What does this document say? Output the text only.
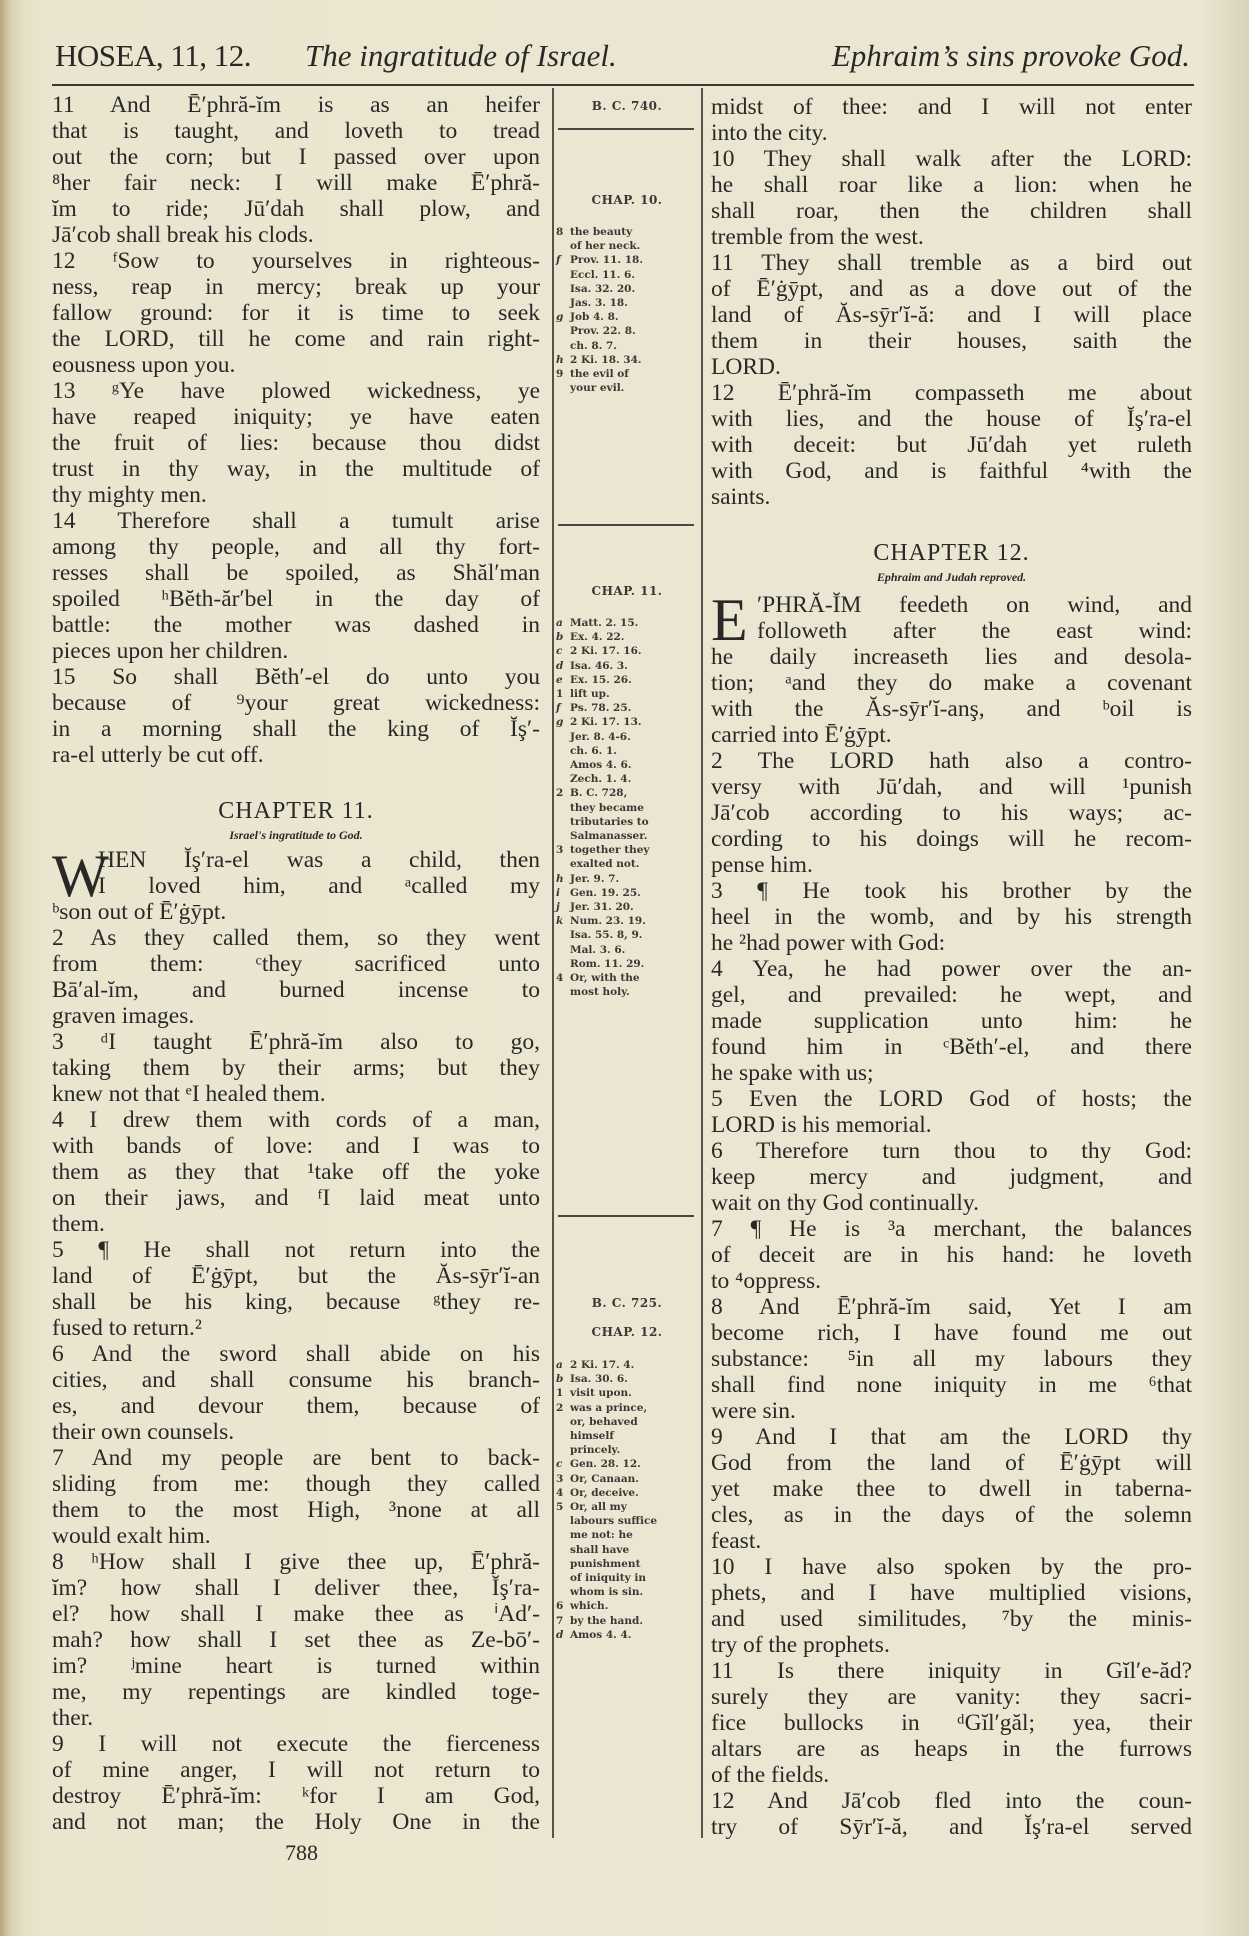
HOSEA, 11, 12. The ingratitude of Israel.	Ephraim’s sins provoke God.
11 And Ē′phră-ĭm is as an heifer
that is taught, and loveth to tread
out the corn; but I passed over upon
⁸her fair neck: I will make Ē′phră-
ĭm to ride; Jū′dah shall plow, and
Jā′cob shall break his clods.
12 ᶠSow to yourselves in righteous-
ness, reap in mercy; break up your
fallow ground: for it is time to seek
the LORD, till he come and rain right-
eousness upon you.
13 ᵍYe have plowed wickedness, ye
have reaped iniquity; ye have eaten
the fruit of lies: because thou didst
trust in thy way, in the multitude of
thy mighty men.
14 Therefore shall a tumult arise
among thy people, and all thy fort-
resses shall be spoiled, as Shăl′man
spoiled ʰBĕth-ăr′bel in the day of
battle: the mother was dashed in
pieces upon her children.
15 So shall Bĕth′-el do unto you
because of ⁹your great wickedness:
in a morning shall the king of Ĭş′-
ra-el utterly be cut off.
CHAPTER 11.
Israel's ingratitude to God.
W
HEN Ĭş′ra-el was a child, then
I loved him, and ᵃcalled my
ᵇson out of Ē′ġȳpt.
2 As they called them, so they went
from them: ᶜthey sacrificed unto
Bā′al-ĭm, and burned incense to
graven images.
3 ᵈI taught Ē′phră-ĭm also to go,
taking them by their arms; but they
knew not that ᵉI healed them.
4 I drew them with cords of a man,
with bands of love: and I was to
them as they that ¹take off the yoke
on their jaws, and ᶠI laid meat unto
them.
5 ¶ He shall not return into the
land of Ē′ġȳpt, but the Ăs-sȳr′ĭ-an
shall be his king, because ᵍthey re-
fused to return.²
6 And the sword shall abide on his
cities, and shall consume his branch-
es, and devour them, because of
their own counsels.
7 And my people are bent to back-
sliding from me: though they called
them to the most High, ³none at all
would exalt him.
8 ʰHow shall I give thee up, Ē′phră-
ĭm? how shall I deliver thee, Ĭş′ra-
el? how shall I make thee as ⁱAd′-
mah? how shall I set thee as Ze-bō′-
im? ʲmine heart is turned within
me, my repentings are kindled toge-
ther.
9 I will not execute the fierceness
of mine anger, I will not return to
destroy Ē′phră-ĭm: ᵏfor I am God,
and not man; the Holy One in the
midst of thee: and I will not enter
into the city.
10 They shall walk after the LORD:
he shall roar like a lion: when he
shall roar, then the children shall
tremble from the west.
11 They shall tremble as a bird out
of Ē′ġȳpt, and as a dove out of the
land of Ăs-sȳr′ĭ-ă: and I will place
them in their houses, saith the
LORD.
12 Ē′phră-ĭm compasseth me about
with lies, and the house of Ĭş′ra-el
with deceit: but Jū′dah yet ruleth
with God, and is faithful ⁴with the
saints.
CHAPTER 12.
Ephraim and Judah reproved.
E ′PHRĂ-ĬM feedeth on wind, and
followeth after the east wind:
he daily increaseth lies and desola-
tion; ᵃand they do make a covenant
with the Ăs-sȳr′ĭ-anş, and ᵇoil is
carried into Ē′ġȳpt.
2 The LORD hath also a contro-
versy with Jū′dah, and will ¹punish
Jā′cob according to his ways; ac-
cording to his doings will he recom-
pense him.
3 ¶ He took his brother by the
heel in the womb, and by his strength
he ²had power with God:
4 Yea, he had power over the an-
gel, and prevailed: he wept, and
made supplication unto him: he
found him in ᶜBĕth′-el, and there
he spake with us;
5 Even the LORD God of hosts; the
LORD is his memorial.
6 Therefore turn thou to thy God:
keep mercy and judgment, and
wait on thy God continually.
7 ¶ He is ³a merchant, the balances
of deceit are in his hand: he loveth
to ⁴oppress.
8 And Ē′phră-ĭm said, Yet I am
become rich, I have found me out
substance: ⁵in all my labours they
shall find none iniquity in me ⁶that
were sin.
9 And I that am the LORD thy
God from the land of Ē′ġȳpt will
yet make thee to dwell in taberna-
cles, as in the days of the solemn
feast.
10 I have also spoken by the pro-
phets, and I have multiplied visions,
and used similitudes, ⁷by the minis-
try of the prophets.
11 Is there iniquity in Gĭl′e-ăd?
surely they are vanity: they sacri-
fice bullocks in ᵈGĭl′găl; yea, their
altars are as heaps in the furrows
of the fields.
12 And Jā′cob fled into the coun-
try of Sȳr′ĭ-ă, and Ĭş′ra-el served
B. C. 740.
CHAP. 10.
8 the beauty
of her neck.
f Prov. 11. 18.
Eccl. 11. 6.
Isa. 32. 20.
Jas. 3. 18.
g Job 4. 8.
Prov. 22. 8.
ch. 8. 7.
h 2 Ki. 18. 34.
9 the evil of
your evil.
CHAP. 11.
a Matt. 2. 15.
b Ex. 4. 22.
c 2 Ki. 17. 16.
d Isa. 46. 3.
e Ex. 15. 26.
1 lift up.
f Ps. 78. 25.
g 2 Ki. 17. 13.
Jer. 8. 4-6.
ch. 6. 1.
Amos 4. 6.
Zech. 1. 4.
2 B. C. 728,
they became
tributaries to
Salmanasser.
3 together they
exalted not.
h Jer. 9. 7.
i Gen. 19. 25.
j Jer. 31. 20.
k Num. 23. 19.
Isa. 55. 8, 9.
Mal. 3. 6.
Rom. 11. 29.
4 Or, with the
most holy.
B. C. 725.
CHAP. 12.
a 2 Ki. 17. 4.
b Isa. 30. 6.
1 visit upon.
2 was a prince,
or, behaved
himself
princely.
c Gen. 28. 12.
3 Or, Canaan.
4 Or, deceive.
5 Or, all my
labours suffice
me not: he
shall have
punishment
of iniquity in
whom is sin.
6 which.
7 by the hand.
d Amos 4. 4.
788
